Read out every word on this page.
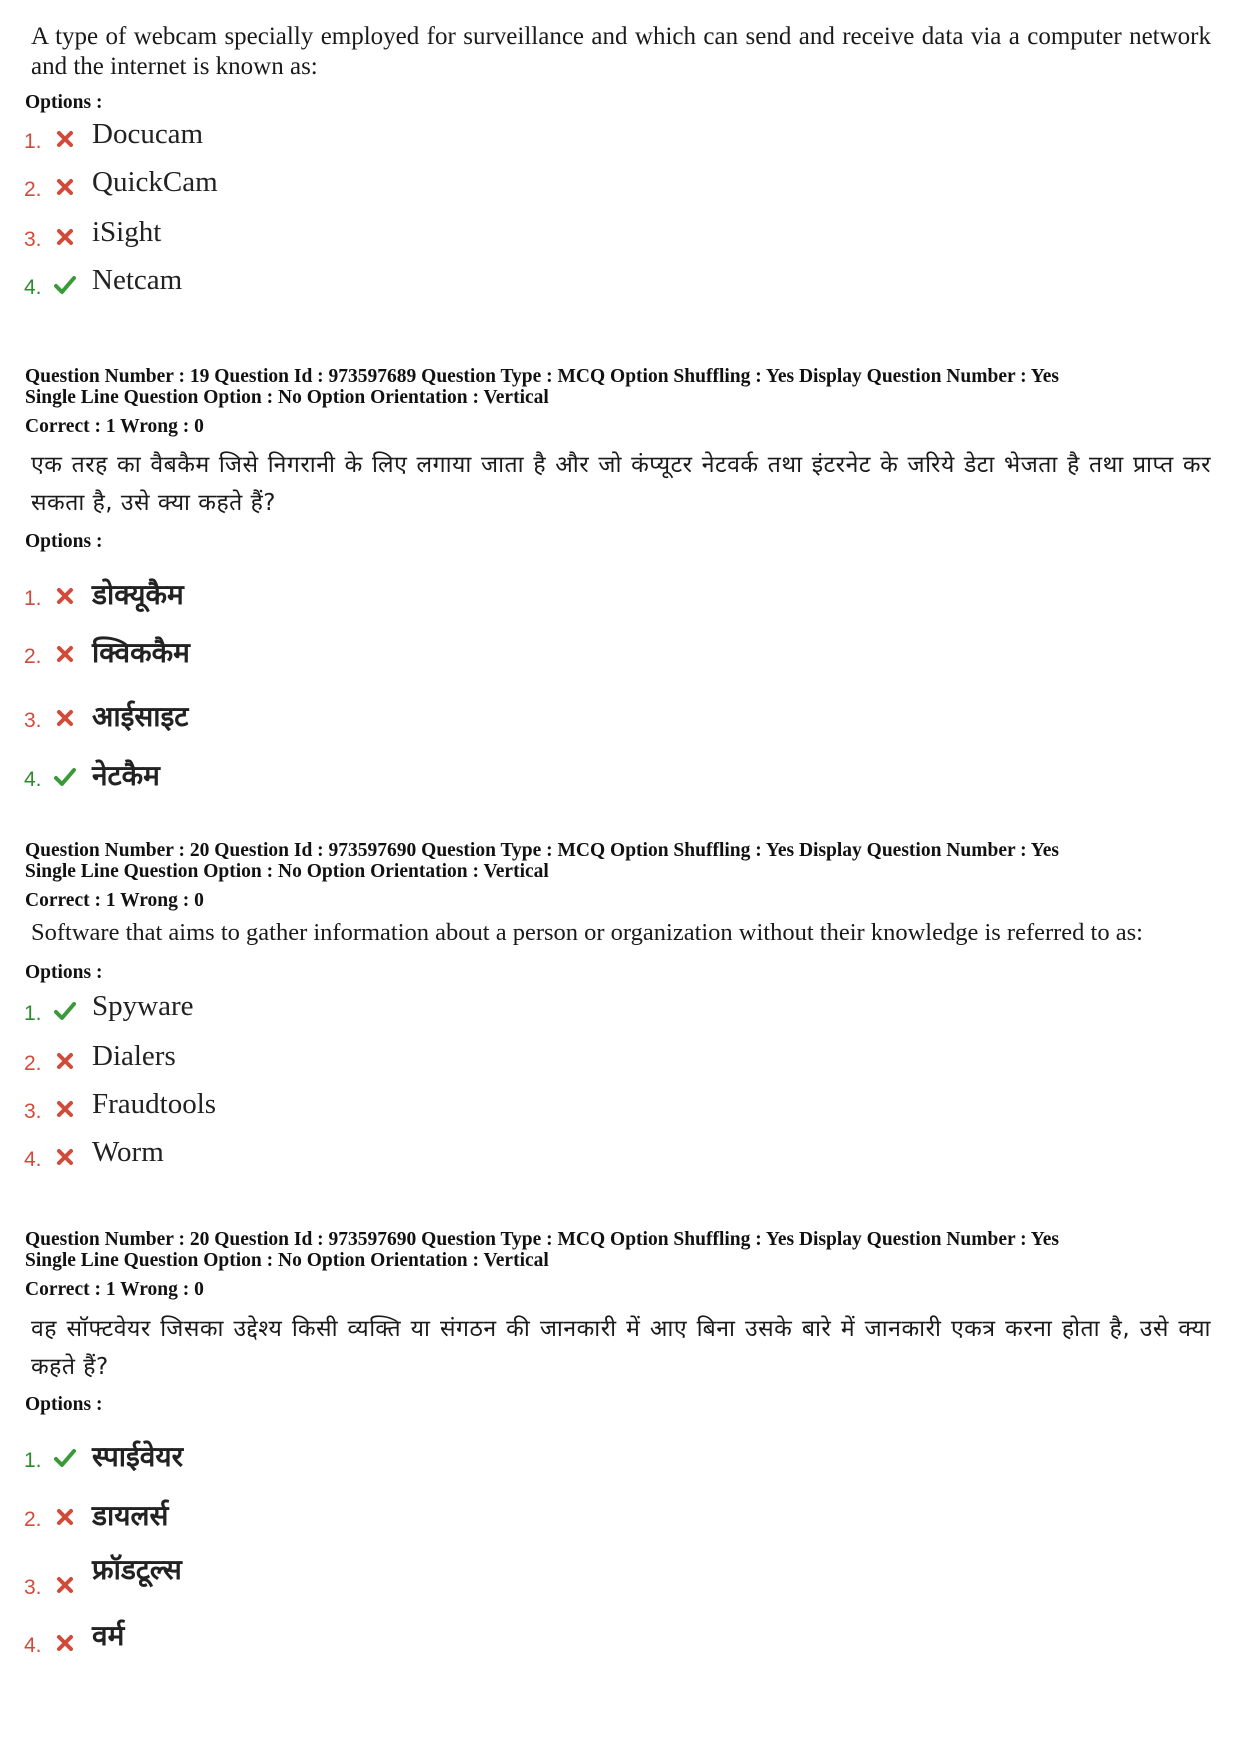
A type of webcam specially employed for surveillance and which can send and receive data via a computer network and the internet is known as:
Options :
1. Docucam
2. QuickCam
3. iSight
4. Netcam
Question Number : 19 Question Id : 973597689 Question Type : MCQ Option Shuffling : Yes Display Question Number : Yes
Single Line Question Option : No Option Orientation : Vertical
Correct : 1 Wrong : 0
एक तरह का वैबकैम जिसे निगरानी के लिए लगाया जाता है और जो कंप्यूटर नेटवर्क तथा इंटरनेट के जरिये डेटा भेजता है तथा प्राप्त कर सकता है, उसे क्या कहते हैं?
Options :
1. डोक्यूकैम
2. क्विककैम
3. आईसाइट
4. नेटकैम
Question Number : 20 Question Id : 973597690 Question Type : MCQ Option Shuffling : Yes Display Question Number : Yes
Single Line Question Option : No Option Orientation : Vertical
Correct : 1 Wrong : 0
Software that aims to gather information about a person or organization without their knowledge is referred to as:
Options :
1. Spyware
2. Dialers
3. Fraudtools
4. Worm
Question Number : 20 Question Id : 973597690 Question Type : MCQ Option Shuffling : Yes Display Question Number : Yes
Single Line Question Option : No Option Orientation : Vertical
Correct : 1 Wrong : 0
वह सॉफ्टवेयर जिसका उद्देश्य किसी व्यक्ति या संगठन की जानकारी में आए बिना उसके बारे में जानकारी एकत्र करना होता है, उसे क्या कहते हैं?
Options :
1. स्पाईवेयर
2. डायलर्स
3.
फ्रॉडटूल्स
4. वर्म
